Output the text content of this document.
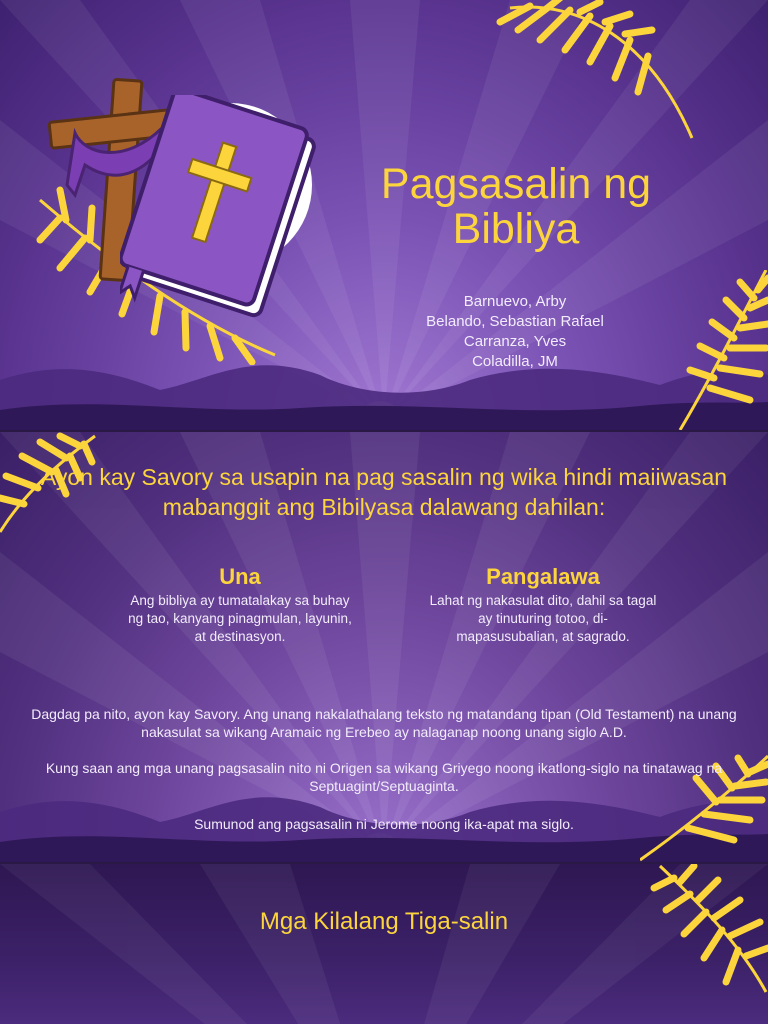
Pagsasalin ng Bibliya
Barnuevo, Arby
Belando, Sebastian Rafael
Carranza, Yves
Coladilla, JM
Ayon kay Savory sa usapin na pag sasalin ng wika hindi maiiwasan mabanggit ang Bibilyasa dalawang dahilan:
Una

Ang bibliya ay tumatalakay sa buhay ng tao, kanyang pinagmulan, layunin, at destinasyon.

Pangalawa

Lahat ng nakasulat dito, dahil sa tagal ay tinuturing totoo, di-mapasusubalian, at sagrado.

Dagdag pa nito, ayon kay Savory. Ang unang nakalathalang teksto ng matandang tipan (Old Testament) na unang nakasulat sa wikang Aramaic ng Erebeo ay nalaganap noong unang siglo A.D.
Kung saan ang mga unang pagsasalin nito ni Origen sa wikang Griyego noong ikatlong-siglo na tinatawag na Septuagint/Septuaginta.
Sumunod ang pagsasalin ni Jerome noong ika-apat ma siglo.
Mga Kilalang Tiga-salin
